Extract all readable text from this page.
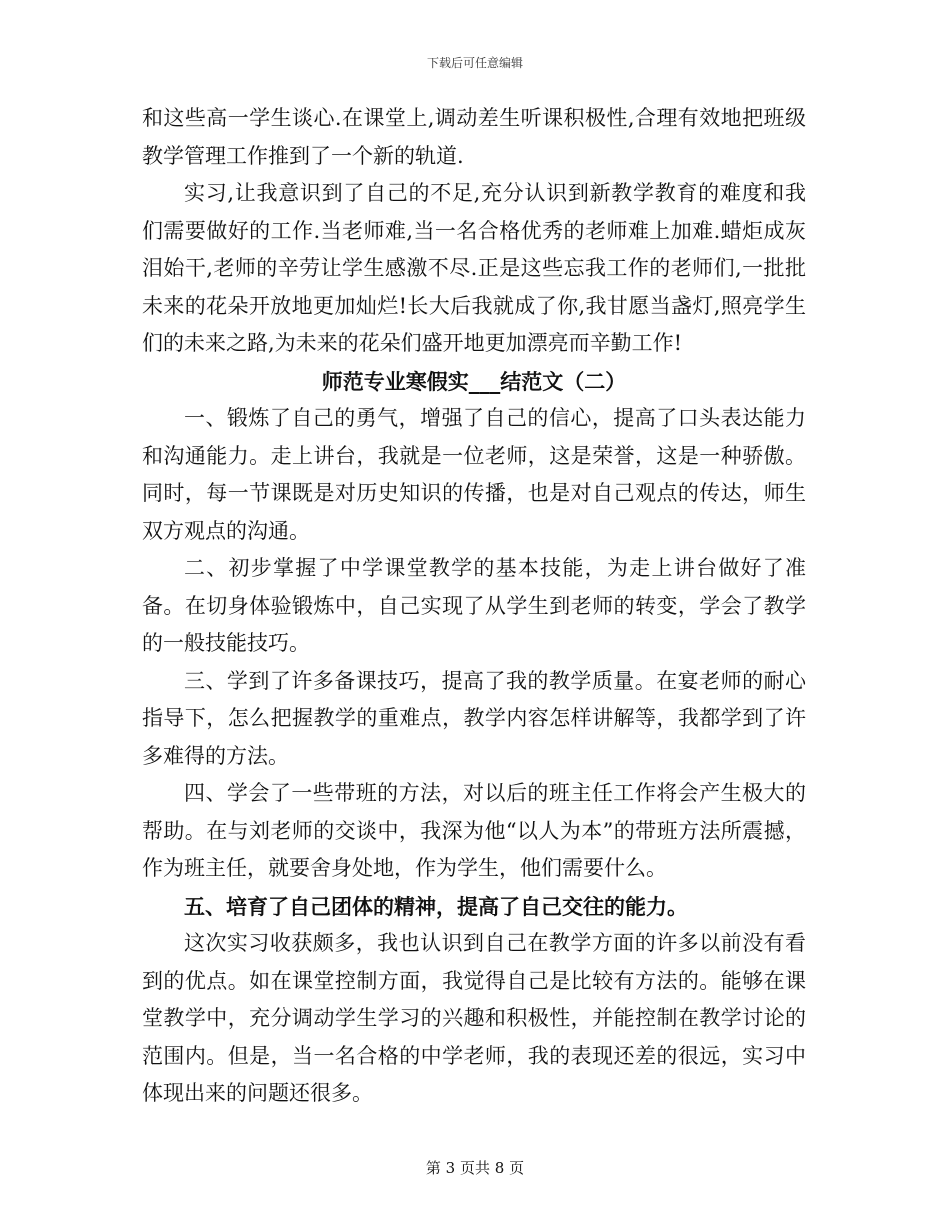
下载后可任意编辑

和这些高一学生谈心.在课堂上,调动差生听课积极性,合理有效地把班级教学管理工作推到了一个新的轨道.

实习,让我意识到了自己的不足,充分认识到新教学教育的难度和我们需要做好的工作.当老师难,当一名合格优秀的老师难上加难.蜡炬成灰泪始干,老师的辛劳让学生感激不尽.正是这些忘我工作的老师们,一批批未来的花朵开放地更加灿烂!长大后我就成了你,我甘愿当盏灯,照亮学生们的未来之路,为未来的花朵们盛开地更加漂亮而辛勤工作!

师范专业寒假实___结范文（二）

一、锻炼了自己的勇气，增强了自己的信心，提高了口头表达能力和沟通能力。走上讲台，我就是一位老师，这是荣誉，这是一种骄傲。同时，每一节课既是对历史知识的传播，也是对自己观点的传达，师生双方观点的沟通。

二、初步掌握了中学课堂教学的基本技能，为走上讲台做好了准备。在切身体验锻炼中，自己实现了从学生到老师的转变，学会了教学的一般技能技巧。

三、学到了许多备课技巧，提高了我的教学质量。在宴老师的耐心指导下，怎么把握教学的重难点，教学内容怎样讲解等，我都学到了许多难得的方法。

四、学会了一些带班的方法，对以后的班主任工作将会产生极大的帮助。在与刘老师的交谈中，我深为他“以人为本”的带班方法所震撼，作为班主任，就要舍身处地，作为学生，他们需要什么。

五、培育了自己团体的精神，提高了自己交往的能力。

这次实习收获颇多，我也认识到自己在教学方面的许多以前没有看到的优点。如在课堂控制方面，我觉得自己是比较有方法的。能够在课堂教学中，充分调动学生学习的兴趣和积极性，并能控制在教学讨论的范围内。但是，当一名合格的中学老师，我的表现还差的很远，实习中体现出来的问题还很多。

第 3 页共 8 页
